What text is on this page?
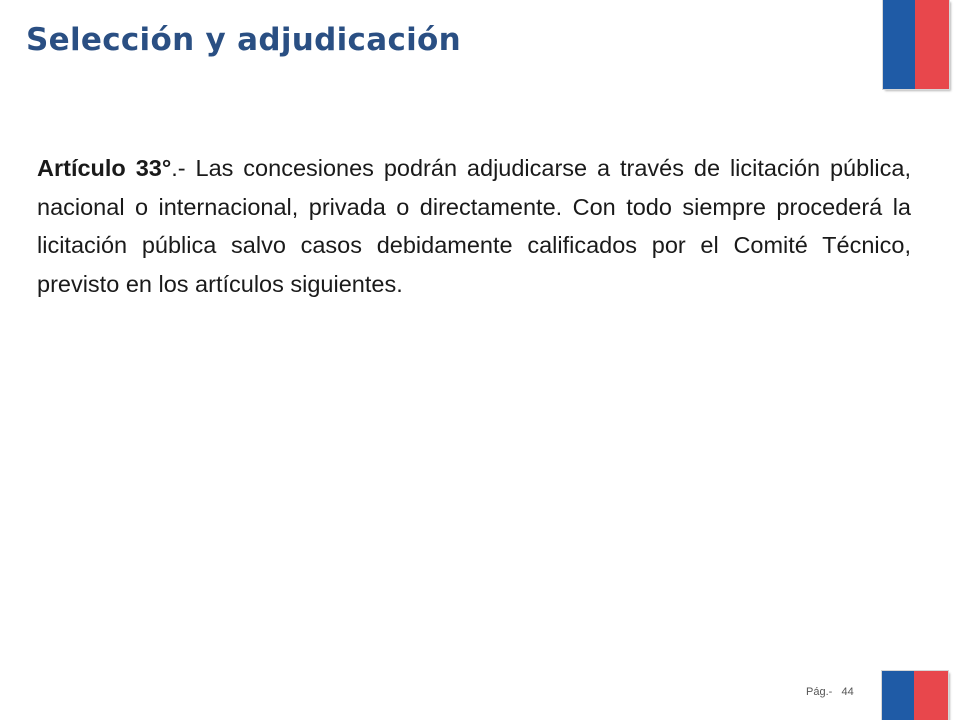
Selección y adjudicación

Artículo 33°.- Las concesiones podrán adjudicarse a través de licitación pública, nacional o internacional, privada o directamente. Con todo siempre procederá la licitación pública salvo casos debidamente calificados por el Comité Técnico, previsto en los artículos siguientes.

Pág.- 44
